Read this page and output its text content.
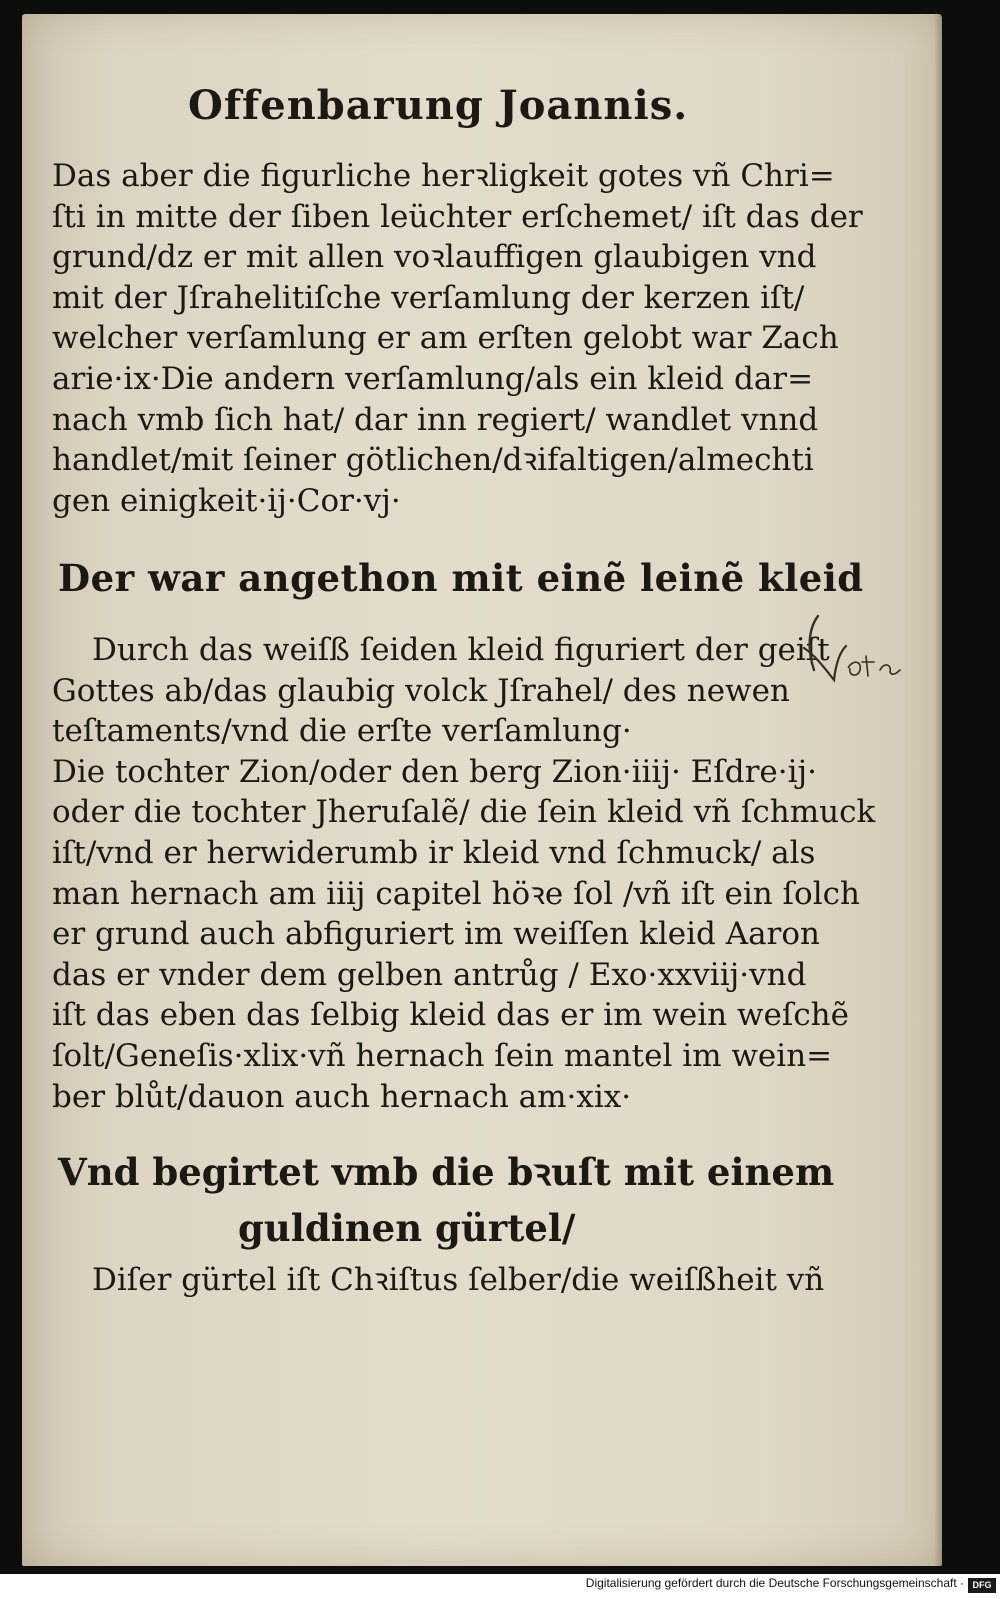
Offenbarung Joannis.
Das aber die figurliche herꝛligkeit gotes vñ Chri=
ſti in mitte der ſiben leüchter erſchemet/ iſt das der
grund/dz er mit allen voꝛlauffigen glaubigen vnd
mit der Jſrahelitiſche verſamlung der kerzen iſt/
welcher verſamlung er am erſten gelobt war Zach
arie·ix·Die andern verſamlung/als ein kleid dar=
nach vmb ſich hat/ dar inn regiert/ wandlet vnnd
handlet/mit ſeiner götlichen/dꝛifaltigen/almechti
gen einigkeit·ij·Cor·vj·
Der war angethon mit einẽ leinẽ kleid
Durch das weiſß ſeiden kleid figuriert der geiſt
Gottes ab/das glaubig volck Jſrahel/ des newen
teſtaments/vnd die erſte verſamlung·
Die tochter Zion/oder den berg Zion·iiij· Eſdre·ij·
oder die tochter Jheruſalẽ/ die ſein kleid vñ ſchmuck
iſt/vnd er herwiderumb ir kleid vnd ſchmuck/ als
man hernach am iiij capitel höꝛe ſol /vñ iſt ein ſolch
er grund auch abfiguriert im weiſſen kleid Aaron
das er vnder dem gelben antrůg / Exo·xxviij·vnd
iſt das eben das ſelbig kleid das er im wein weſchẽ
ſolt/Geneſis·xlix·vñ hernach ſein mantel im wein=
ber blůt/dauon auch hernach am·xix·
Vnd begirtet vmb die bꝛuſt mit einem
guldinen gürtel/
Diſer gürtel iſt Chꝛiſtus ſelber/die weiſßheit vñ
Digitalisierung gefördert durch die Deutsche Forschungsgemeinschaft · DFG
